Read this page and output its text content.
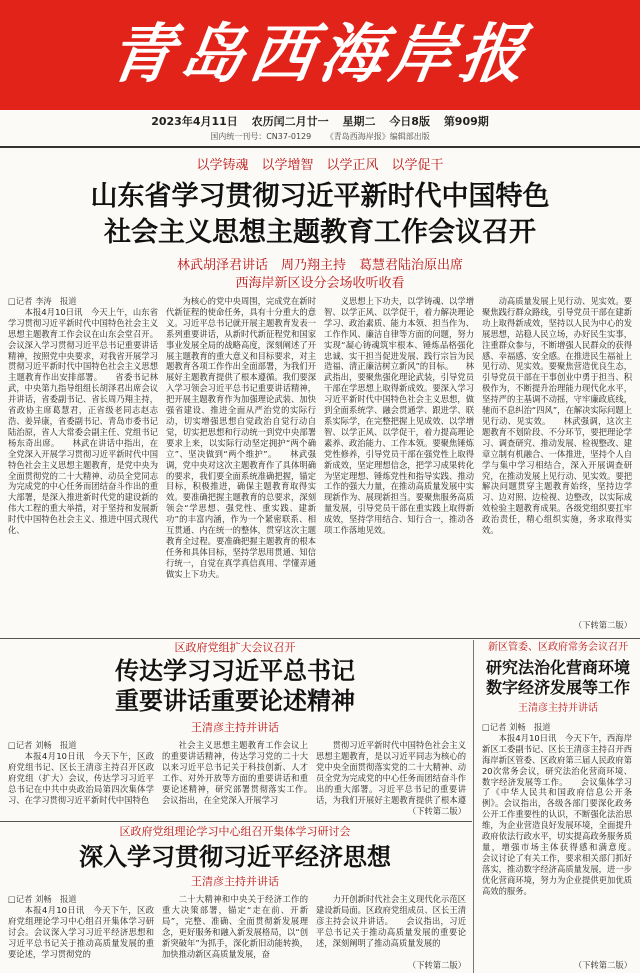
青岛西海岸报
2023年4月11日 农历闰二月廿一 星期二 今日8版 第909期
国内统一刊号：CN37-0129 《青岛西海岸报》编辑部出版
以学铸魂　以学增智　以学正风　以学促干
山东省学习贯彻习近平新时代中国特色
社会主义思想主题教育工作会议召开
林武胡泽君讲话　周乃翔主持　葛慧君陆治原出席
西海岸新区设分会场收听收看

□记者 李涛　报道

本报4月10日讯　今天上午，山东省学习贯彻习近平新时代中国特色社会主义思想主题教育工作会议在山东会堂召开。会议深入学习贯彻习近平总书记重要讲话精神，按照党中央要求，对我省开展学习贯彻习近平新时代中国特色社会主义思想主题教育作出安排部署。　　省委书记林武，中央第九指导组组长胡泽君出席会议并讲话，省委副书记、省长周乃翔主持，省政协主席葛慧君，正省级老同志赵志浩、姜异康，省委副书记、青岛市委书记陆治原，省人大常委会副主任、党组书记杨东奇出席。　　林武在讲话中指出，在全党深入开展学习贯彻习近平新时代中国特色社会主义思想主题教育，是党中央为全面贯彻党的二十大精神、动员全党同志为完成党的中心任务而团结奋斗作出的重大部署，是深入推进新时代党的建设新的伟大工程的重大举措，对于坚持和发展新时代中国特色社会主义、推进中国式现代化、

为核心的党中央周围，完成党在新时代新征程的使命任务，具有十分重大的意义。习近平总书记就开展主题教育发表一系列重要讲话，从新时代新征程党和国家事业发展全局的战略高度，深刻阐述了开展主题教育的重大意义和目标要求，对主题教育各项工作作出全面部署，为我们开展好主题教育提供了根本遵循。我们要深入学习领会习近平总书记重要讲话精神，把开展主题教育作为加强理论武装、加快强省建设、推进全面从严治党的实际行动，切实增强思想自觉政治自觉行动自觉，切实把思想和行动统一到党中央部署要求上来，以实际行动坚定拥护“两个确立”、坚决做到“两个维护”。　　林武强调，党中央对这次主题教育作了具体明确的要求，我们要全面系统准确把握，锚定目标，积极推进，确保主题教育取得实效。要准确把握主题教育的总要求，深刻领会“学思想、强党性、重实践、建新功”的丰富内涵，作为一个紧密联系、相互贯通、内在统一的整体，贯穿这次主题教育全过程。要准确把握主题教育的根本任务和具体目标，坚持学思用贯通、知信行统一，自觉在真学真信真用、学懂弄通做实上下功夫。

义思想上下功夫，以学铸魂、以学增智、以学正风、以学促干，着力解决理论学习、政治素质、能力本领、担当作为、工作作风、廉洁自律等方面的问题，努力实现“凝心铸魂筑牢根本、锤炼品格强化忠诚、实干担当促进发展、践行宗旨为民造福、清正廉洁树立新风”的目标。　　林武指出，要聚焦强化理论武装，引导党员干部在学思想上取得新成效。要深入学习习近平新时代中国特色社会主义思想，做到全面系统学、融会贯通学、跟进学、联系实际学，在完整把握上见成效、以学增智、以学正风、以学促干，着力提高理论素养、政治能力、工作本领。要聚焦锤炼党性修养，引导党员干部在强党性上取得新成效，坚定理想信念，把学习成果转化为坚定理想、锤炼党性和指导实践、推动工作的强大力量，在推动高质量发展中实现新作为、展现新担当。要聚焦服务高质量发展，引导党员干部在重实践上取得新成效，坚持学用结合、知行合一，推动各项工作落地见效。

动高质量发展上见行动、见实效。要聚焦践行群众路线，引导党员干部在建新功上取得新成效，坚持以人民为中心的发展思想，站稳人民立场，办好民生实事，注重群众参与，不断增强人民群众的获得感、幸福感、安全感。在推进民生福祉上见行动、见实效。要聚焦营造优良生态，引导党员干部在干事创业中勇于担当、积极作为，不断提升治理能力现代化水平，坚持严的主基调不动摇，守牢廉政底线，驰而不息纠治“四风”，在解决实际问题上见行动、见实效。　　林武强调，这次主题教育不划阶段、不分环节，要把理论学习、调查研究、推动发展、检视整改、建章立制有机融合、一体推进，坚持个人自学与集中学习相结合，深入开展调查研究，在推动发展上见行动、见实效。要把解决问题贯穿主题教育始终，坚持边学习、边对照、边检视、边整改，以实际成效检验主题教育成果。各级党组织要扛牢政治责任，精心组织实施，务求取得实效。

（下转第二版）
区政府党组扩大会议召开
传达学习习近平总书记
重要讲话重要论述精神
王清彦主持并讲话

□记者 刘畅　报道

本报4月10日讯　今天下午，区政府党组书记、区长王清彦主持召开区政府党组（扩大）会议，传达学习习近平总书记在中共中央政治局第四次集体学习、在学习贯彻习近平新时代中国特色

社会主义思想主题教育工作会议上的重要讲话精神，传达学习党的二十大以来习近平总书记关于科技创新、人才工作、对外开放等方面的重要讲话和重要论述精神，研究部署贯彻落实工作。　　会议指出，在全党深入开展学习

贯彻习近平新时代中国特色社会主义思想主题教育，是以习近平同志为核心的党中央全面贯彻落实党的二十大精神、动员全党为完成党的中心任务而团结奋斗作出的重大部署。习近平总书记的重要讲话，为我们开展好主题教育提供了根本遵

（下转第二版）
区政府党组理论学习中心组召开集体学习研讨会
深入学习贯彻习近平经济思想
王清彦主持并讲话

□记者 刘畅　报道

本报4月10日讯　今天下午，区政府党组理论学习中心组召开集体学习研讨会。会议深入学习习近平经济思想和习近平总书记关于推动高质量发展的重要论述，学习贯彻党的

二十大精神和中央关于经济工作的重大决策部署，锚定“走在前、开新局”，完整、准确、全面贯彻新发展理念，更好服务和融入新发展格局，以“创新突破年”为抓手，深化新旧动能转换，加快推动新区高质量发展，奋

力开创新时代社会主义现代化示范区建设新局面。区政府党组成员、区长王清彦主持会议并讲话。　　会议指出，习近平总书记关于推动高质量发展的重要论述，深刻阐明了推动高质量发展的

（下转第二版）
新区管委、区政府常务会议召开
研究法治化营商环境
数字经济发展等工作
王清彦主持并讲话

□记者 刘畅　报道

本报4月10日讯　今天下午，西海岸新区工委副书记、区长王清彦主持召开西海岸新区管委、区政府第三届人民政府第20次常务会议，研究法治化营商环境、数字经济发展等工作。　　会议集体学习了《中华人民共和国政府信息公开条例》。会议指出，各级各部门要深化政务公开工作重要性的认识，不断强化法治思维，为企业营造良好发展环境，全面提升政府依法行政水平，切实提高政务服务质量，增强市场主体获得感和满意度。　　会议讨论了有关工作，要求相关部门抓好落实，推动数字经济高质量发展，进一步优化营商环境，努力为企业提供更加优质高效的服务。

（下转第二版）
